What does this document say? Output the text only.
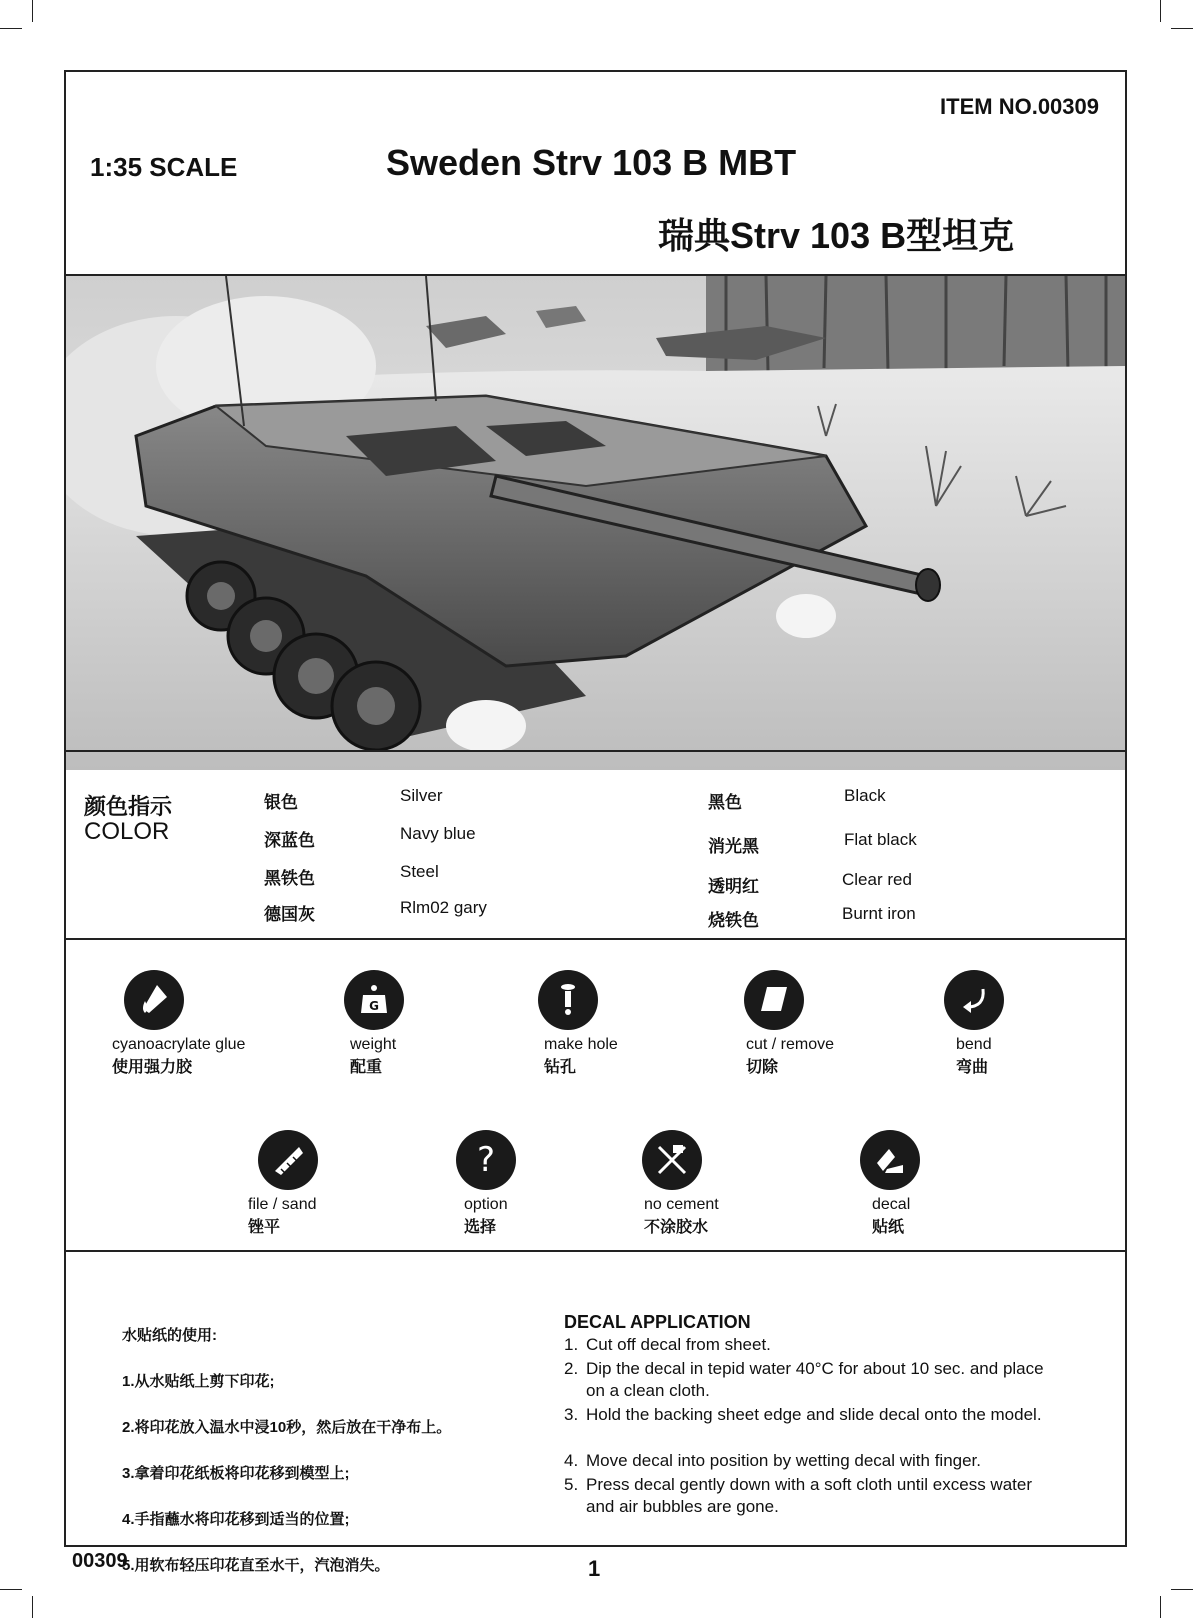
ITEM NO.00309
1:35 SCALE	Sweden Strv 103 B MBT
瑞典Strv 103 B型坦克
颜色指示
COLOR
银色	Silver
深蓝色	Navy blue
黑铁色	Steel
德国灰	Rlm02 gary
黑色	Black
消光黑	Flat black
透明红	Clear red
烧铁色	Burnt iron
cyanoacrylate glue
使用强力胶
G
weight
配重
make hole
钻孔
cut / remove
切除
bend
弯曲
file / sand
锉平
?
option
选择
no cement
不涂胶水
decal
贴纸
水贴纸的使用:
1.从水贴纸上剪下印花;
2.将印花放入温水中浸10秒，然后放在干净布上。
3.拿着印花纸板将印花移到模型上;
4.手指蘸水将印花移到适当的位置;
5.用软布轻压印花直至水干，汽泡消失。
DECAL APPLICATION
1. Cut off decal from sheet.
2. Dip the decal in tepid water 40°C for about 10 sec. and place on a clean cloth.
3. Hold the backing sheet edge and slide decal onto the model.
4. Move decal into position by wetting decal with finger.
5. Press decal gently down with a soft cloth until excess water and air bubbles are gone.
00309	1
